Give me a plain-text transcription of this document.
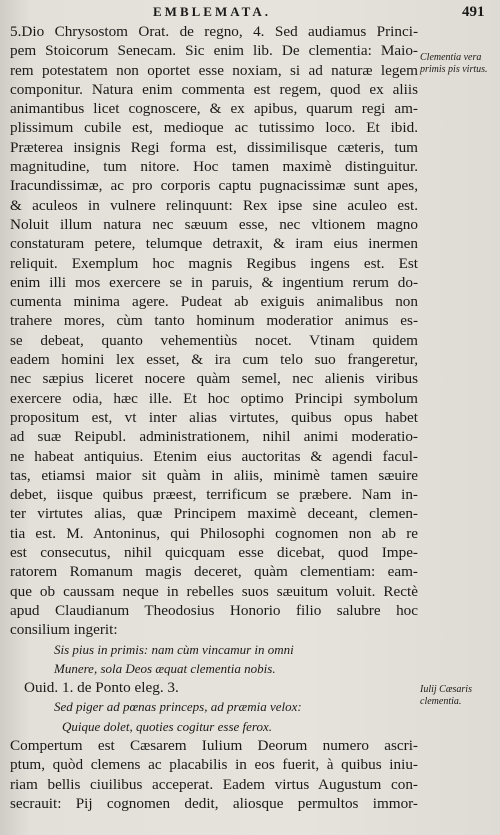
EMBLEMATA.	491
5.Dio Chrysostom Orat. de regno, 4. Sed audiamus Princi-
pem Stoicorum Senecam. Sic enim lib. De clementia: Maio-
rem potestatem non oportet esse noxiam, si ad naturæ legem
componitur. Natura enim commenta est regem, quod ex aliis
animantibus licet cognoscere, & ex apibus, quarum regi am-
plissimum cubile est, medioque ac tutissimo loco. Et ibid.
Præterea insignis Regi forma est, dissimilisque cæteris, tum
magnitudine, tum nitore. Hoc tamen maximè distinguitur.
Iracundissimæ, ac pro corporis captu pugnacissimæ sunt apes,
& aculeos in vulnere relinquunt: Rex ipse sine aculeo est.
Noluit illum natura nec sæuum esse, nec vltionem magno
constaturam petere, telumque detraxit, & iram eius inermen
reliquit. Exemplum hoc magnis Regibus ingens est. Est
enim illi mos exercere se in paruis, & ingentium rerum do-
cumenta minima agere. Pudeat ab exiguis animalibus non
trahere mores, cùm tanto hominum moderatior animus es-
se debeat, quanto vehementiùs nocet. Vtinam quidem
eadem homini lex esset, & ira cum telo suo frangeretur,
nec sæpius liceret nocere quàm semel, nec alienis viribus
exercere odia, hæc ille. Et hoc optimo Principi symbolum
propositum est, vt inter alias virtutes, quibus opus habet
ad suæ Reipubl. administrationem, nihil animi moderatio-
ne habeat antiquius. Etenim eius auctoritas & agendi facul-
tas, etiamsi maior sit quàm in aliis, minimè tamen sæuire
debet, iisque quibus præest, terrificum se præbere. Nam in-
ter virtutes alias, quæ Principem maximè deceant, clemen-
tia est. M. Antoninus, qui Philosophi cognomen non ab re
est consecutus, nihil quicquam esse dicebat, quod Impe-
ratorem Romanum magis deceret, quàm clementiam: eam-
que ob caussam neque in rebelles suos sæuitum voluit. Rectè
apud Claudianum Theodosius Honorio filio salubre hoc
consilium ingerit:
Sis pius in primis: nam cùm vincamur in omni
Munere, sola Deos æquat clementia nobis.
Ouid. 1. de Ponto eleg. 3.
Sed piger ad pœnas princeps, ad præmia velox:
Quique dolet, quoties cogitur esse ferox.
Compertum est Cæsarem Iulium Deorum numero ascri-
ptum, quòd clemens ac placabilis in eos fuerit, à quibus iniu-
riam bellis ciuilibus acceperat. Eadem virtus Augustum con-
secrauit: Pij cognomen dedit, aliosque permultos immor-
Clementia vera primis pis virtus.
Iulij Cæsaris clementia.
